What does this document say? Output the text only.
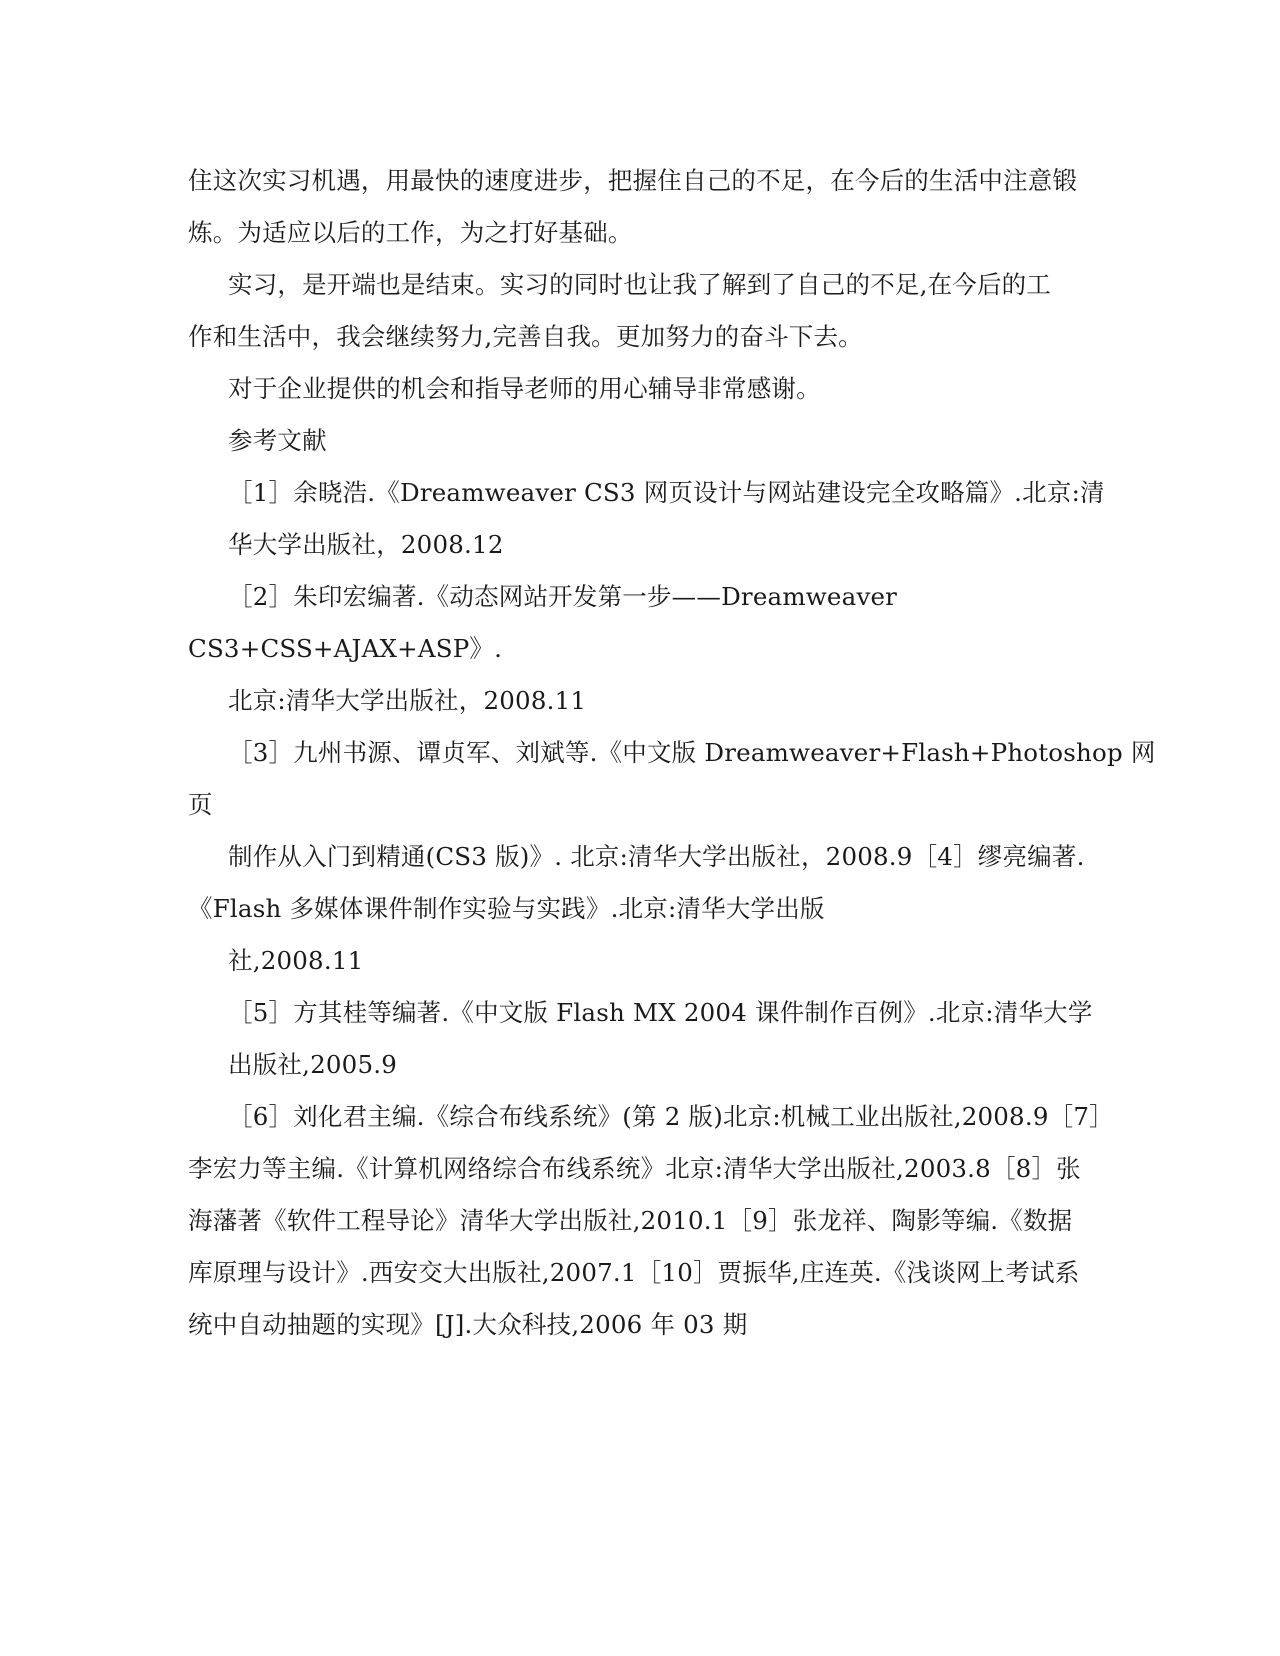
住这次实习机遇，用最快的速度进步，把握住自己的不足，在今后的生活中注意锻
炼。为适应以后的工作，为之打好基础。
实习，是开端也是结束。实习的同时也让我了解到了自己的不足,在今后的工
作和生活中，我会继续努力,完善自我。更加努力的奋斗下去。
对于企业提供的机会和指导老师的用心辅导非常感谢。
参考文献
［1］余晓浩.《Dreamweaver CS3 网页设计与网站建设完全攻略篇》.北京:清
华大学出版社，2008.12
［2］朱印宏编著.《动态网站开发第一步——Dreamweaver
CS3+CSS+AJAX+ASP》.
北京:清华大学出版社，2008.11
［3］九州书源、谭贞军、刘斌等.《中文版 Dreamweaver+Flash+Photoshop 网
页
制作从入门到精通(CS3 版)》. 北京:清华大学出版社，2008.9［4］缪亮编著.
《Flash 多媒体课件制作实验与实践》.北京:清华大学出版
社,2008.11
［5］方其桂等编著.《中文版 Flash MX 2004 课件制作百例》.北京:清华大学
出版社,2005.9
［6］刘化君主编.《综合布线系统》(第 2 版)北京:机械工业出版社,2008.9［7］
李宏力等主编.《计算机网络综合布线系统》北京:清华大学出版社,2003.8［8］张
海藩著《软件工程导论》清华大学出版社,2010.1［9］张龙祥、陶影等编.《数据
库原理与设计》.西安交大出版社,2007.1［10］贾振华,庄连英.《浅谈网上考试系
统中自动抽题的实现》[J].大众科技,2006 年 03 期
